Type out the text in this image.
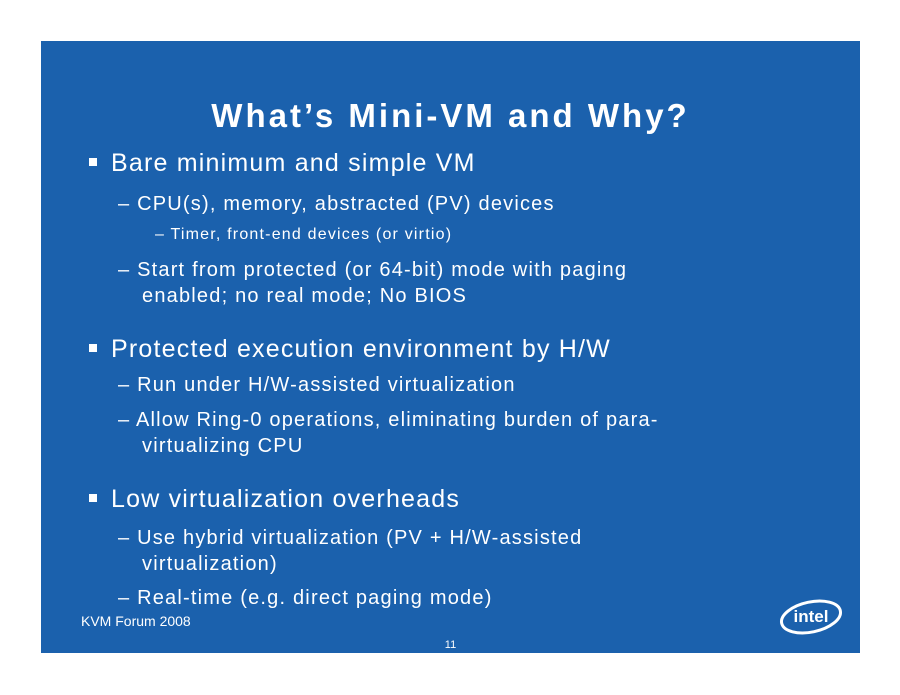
What’s Mini-VM and Why?
Bare minimum and simple VM
– CPU(s), memory, abstracted (PV) devices
– Timer, front-end devices (or virtio)
– Start from protected (or 64-bit) mode with paging
enabled; no real mode; No BIOS
Protected execution environment by H/W
– Run under H/W-assisted virtualization
– Allow Ring-0 operations, eliminating burden of para-
virtualizing CPU
Low virtualization overheads
– Use hybrid virtualization (PV + H/W-assisted
virtualization)
– Real-time (e.g. direct paging mode)
KVM Forum 2008
11
intel
